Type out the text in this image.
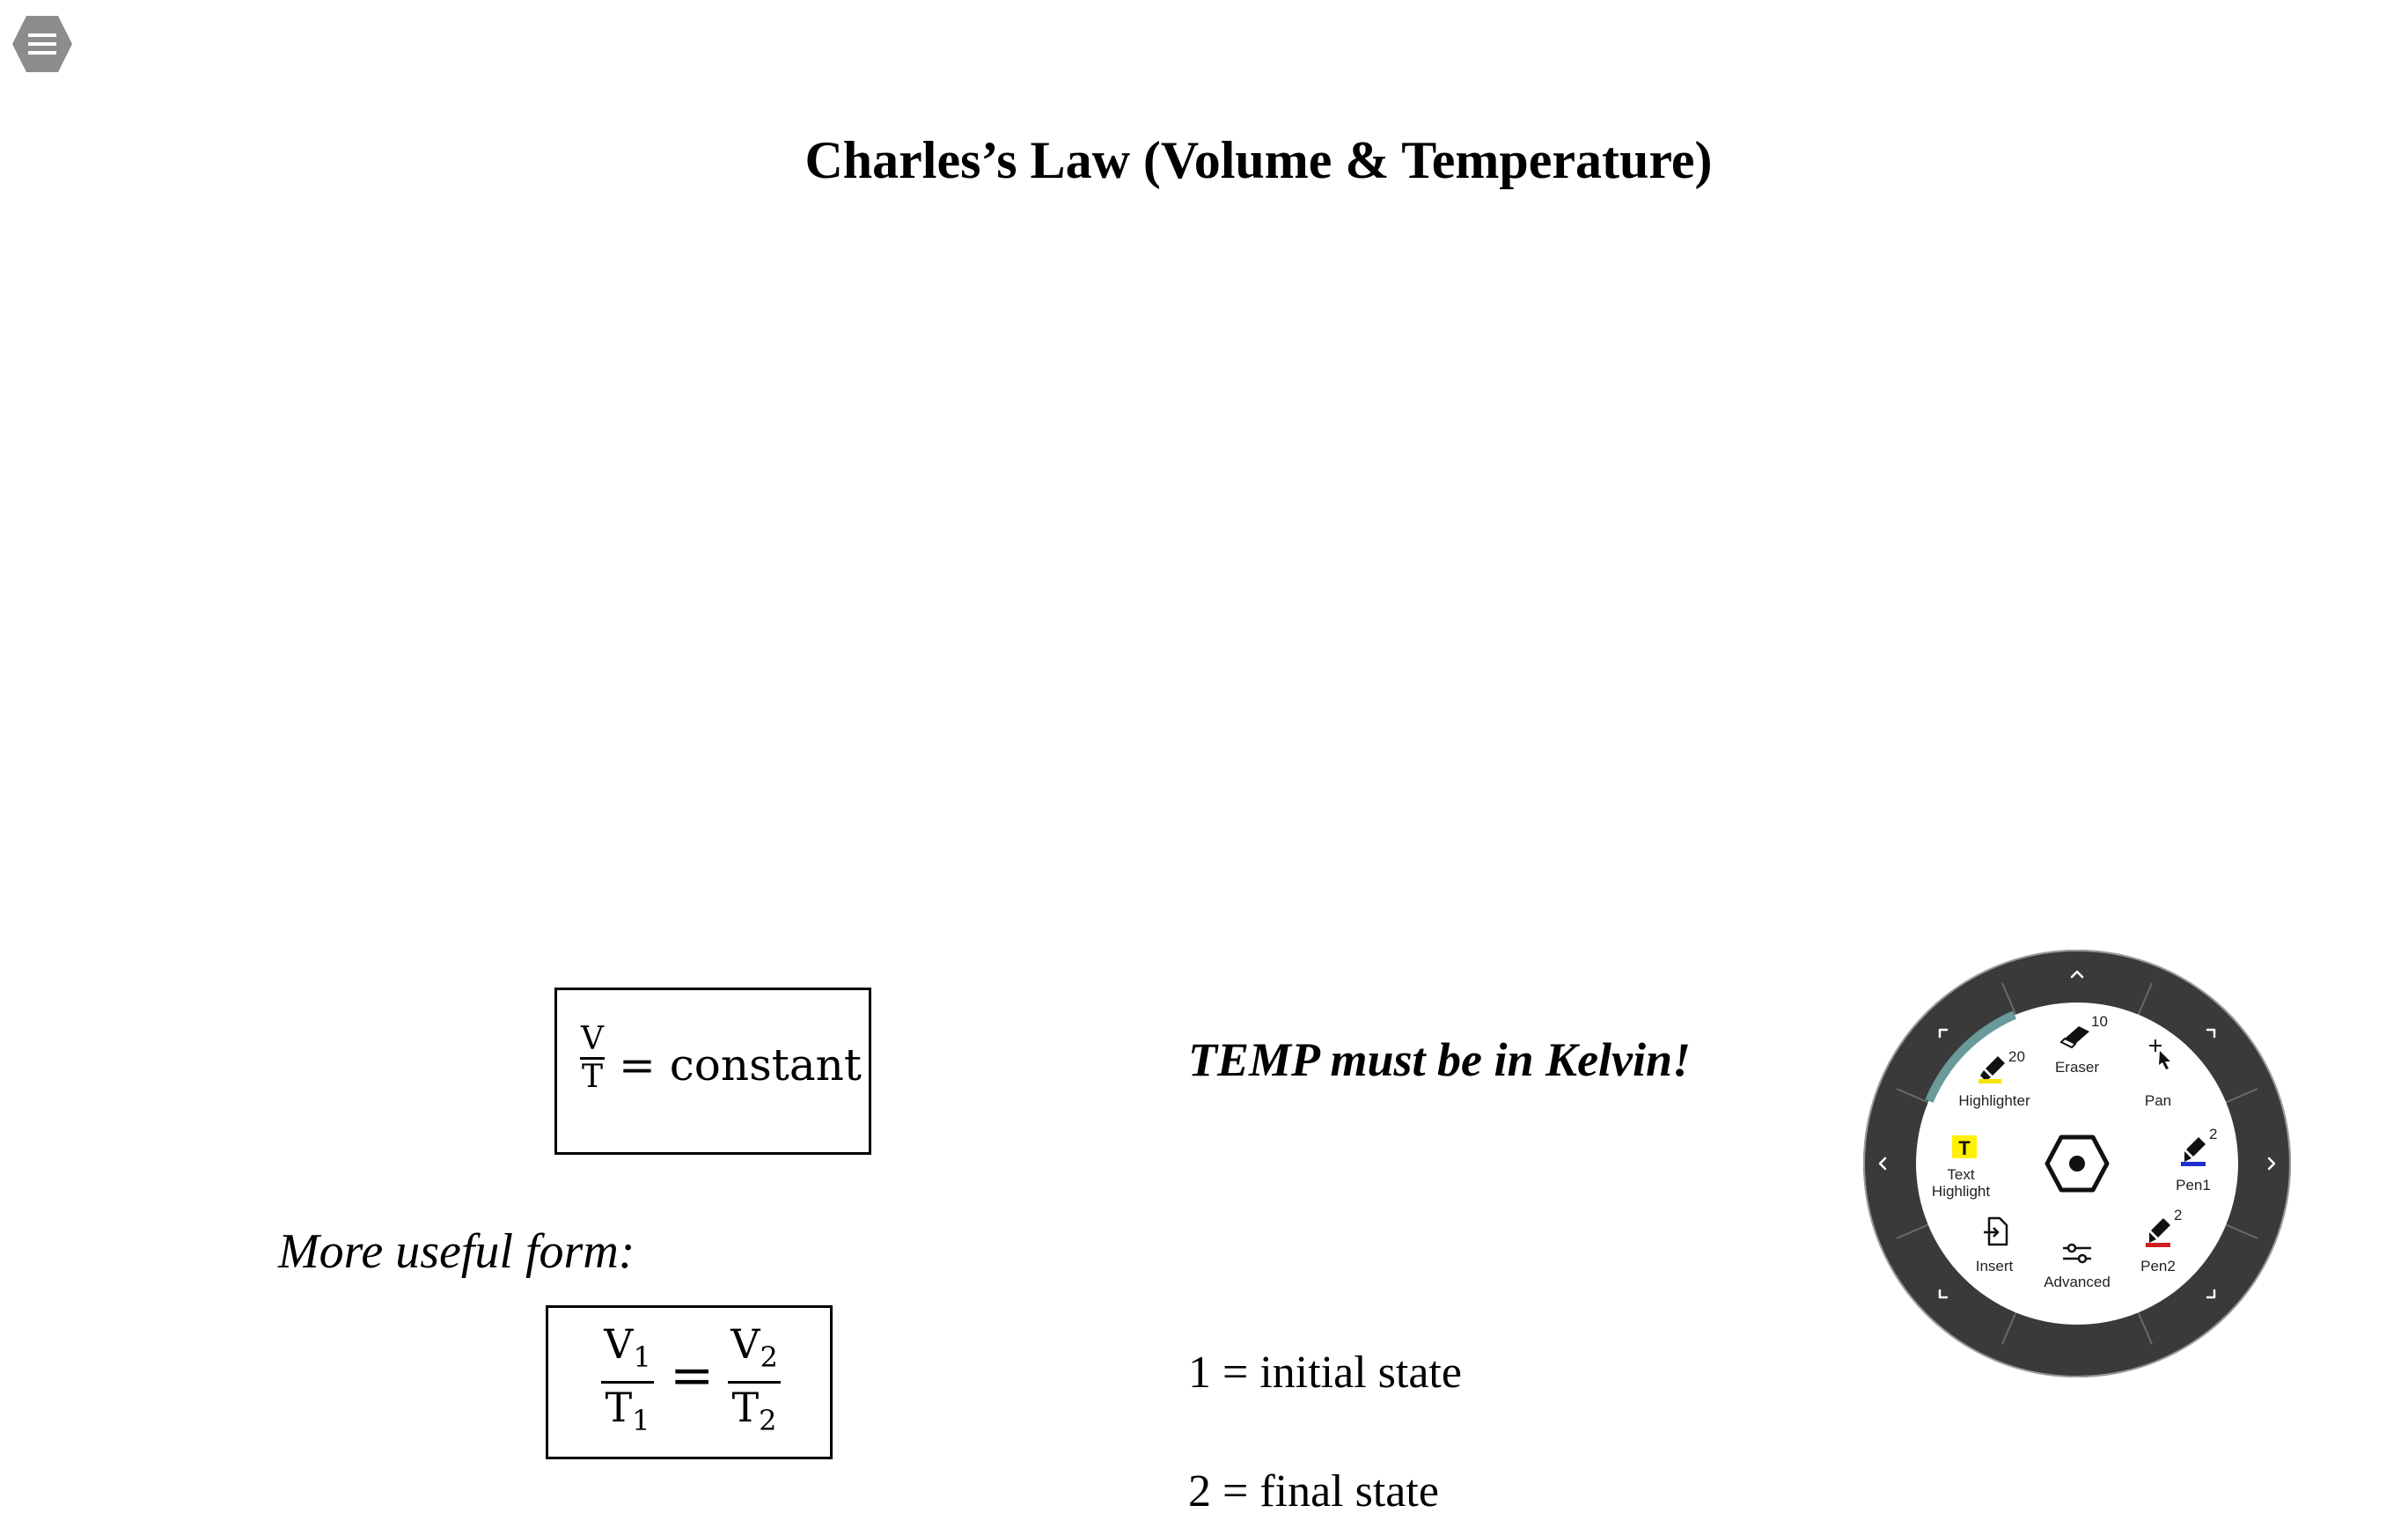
Charles’s Law (Volume & Temperature)
V
T = constant
More useful form:
$V_1$
$T_1$
=
$V_2$
$T_2$
TEMP must be in Kelvin!
1 = initial state
2 = final state
20
Highlighter
10
Eraser
Pan
T
Text
Highlight
2
Pen1
2
Pen2
Insert
Advanced
